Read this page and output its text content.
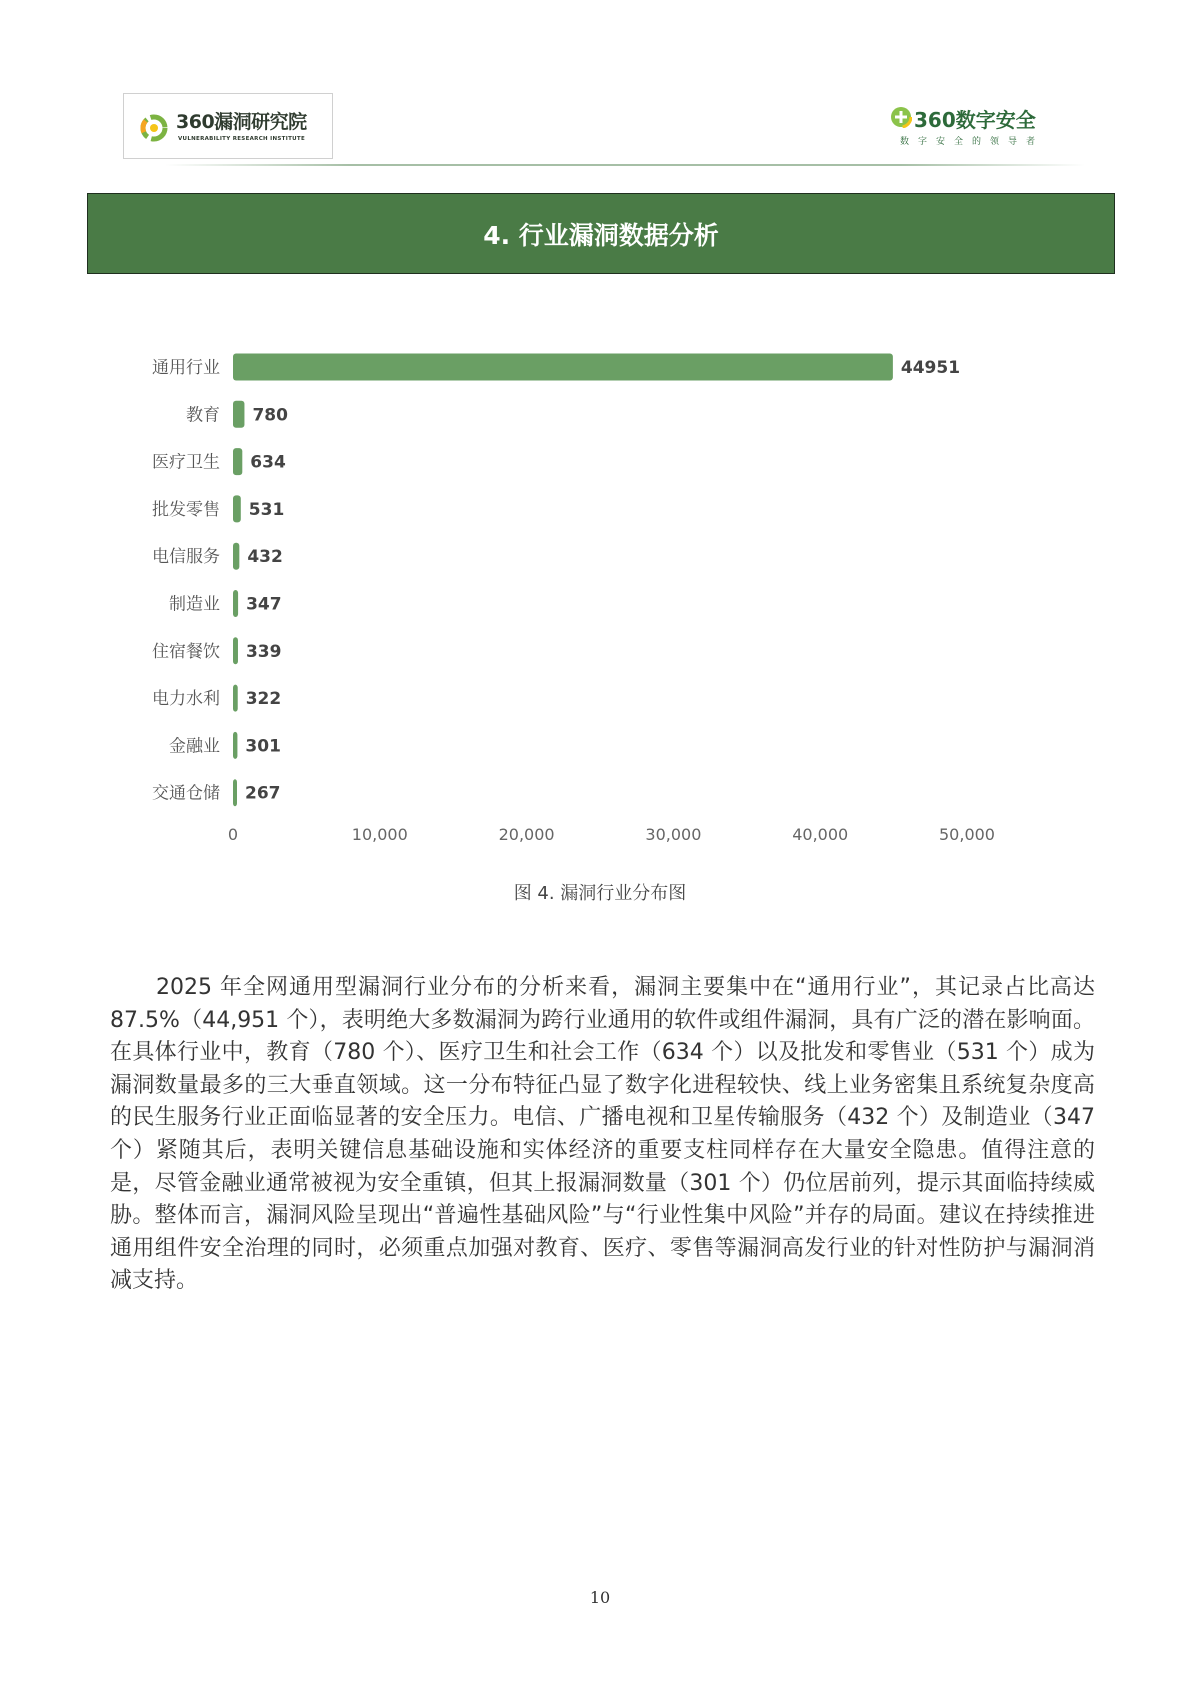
360漏洞研究院
VULNERABILITY RESEARCH INSTITUTE
360数字安全
数字安全的领导者
4. 行业漏洞数据分析
通用行业	44951
教育 780
医疗卫生 634
批发零售 531
电信服务 432
制造业 347
住宿餐饮 339
电力水利 322
金融业 301
交通仓储 267
0	10,000	20,000	30,000	40,000	50,000
图 4. 漏洞行业分布图
2025 年全网通用型漏洞行业分布的分析来看，漏洞主要集中在“通用行业”，其记录占比高达 87.5%（44,951 个），表明绝大多数漏洞为跨行业通用的软件或组件漏洞，具有广泛的潜在影响面。在具体行业中，教育（780 个）、医疗卫生和社会工作（634 个）以及批发和零售业（531 个）成为漏洞数量最多的三大垂直领域。这一分布特征凸显了数字化进程较快、线上业务密集且系统复杂度高的民生服务行业正面临显著的安全压力。电信、广播电视和卫星传输服务（432 个）及制造业（347 个）紧随其后，表明关键信息基础设施和实体经济的重要支柱同样存在大量安全隐患。值得注意的是，尽管金融业通常被视为安全重镇，但其上报漏洞数量（301 个）仍位居前列，提示其面临持续威胁。整体而言，漏洞风险呈现出“普遍性基础风险”与“行业性集中风险”并存的局面。建议在持续推进通用组件安全治理的同时，必须重点加强对教育、医疗、零售等漏洞高发行业的针对性防护与漏洞消减支持。
10
